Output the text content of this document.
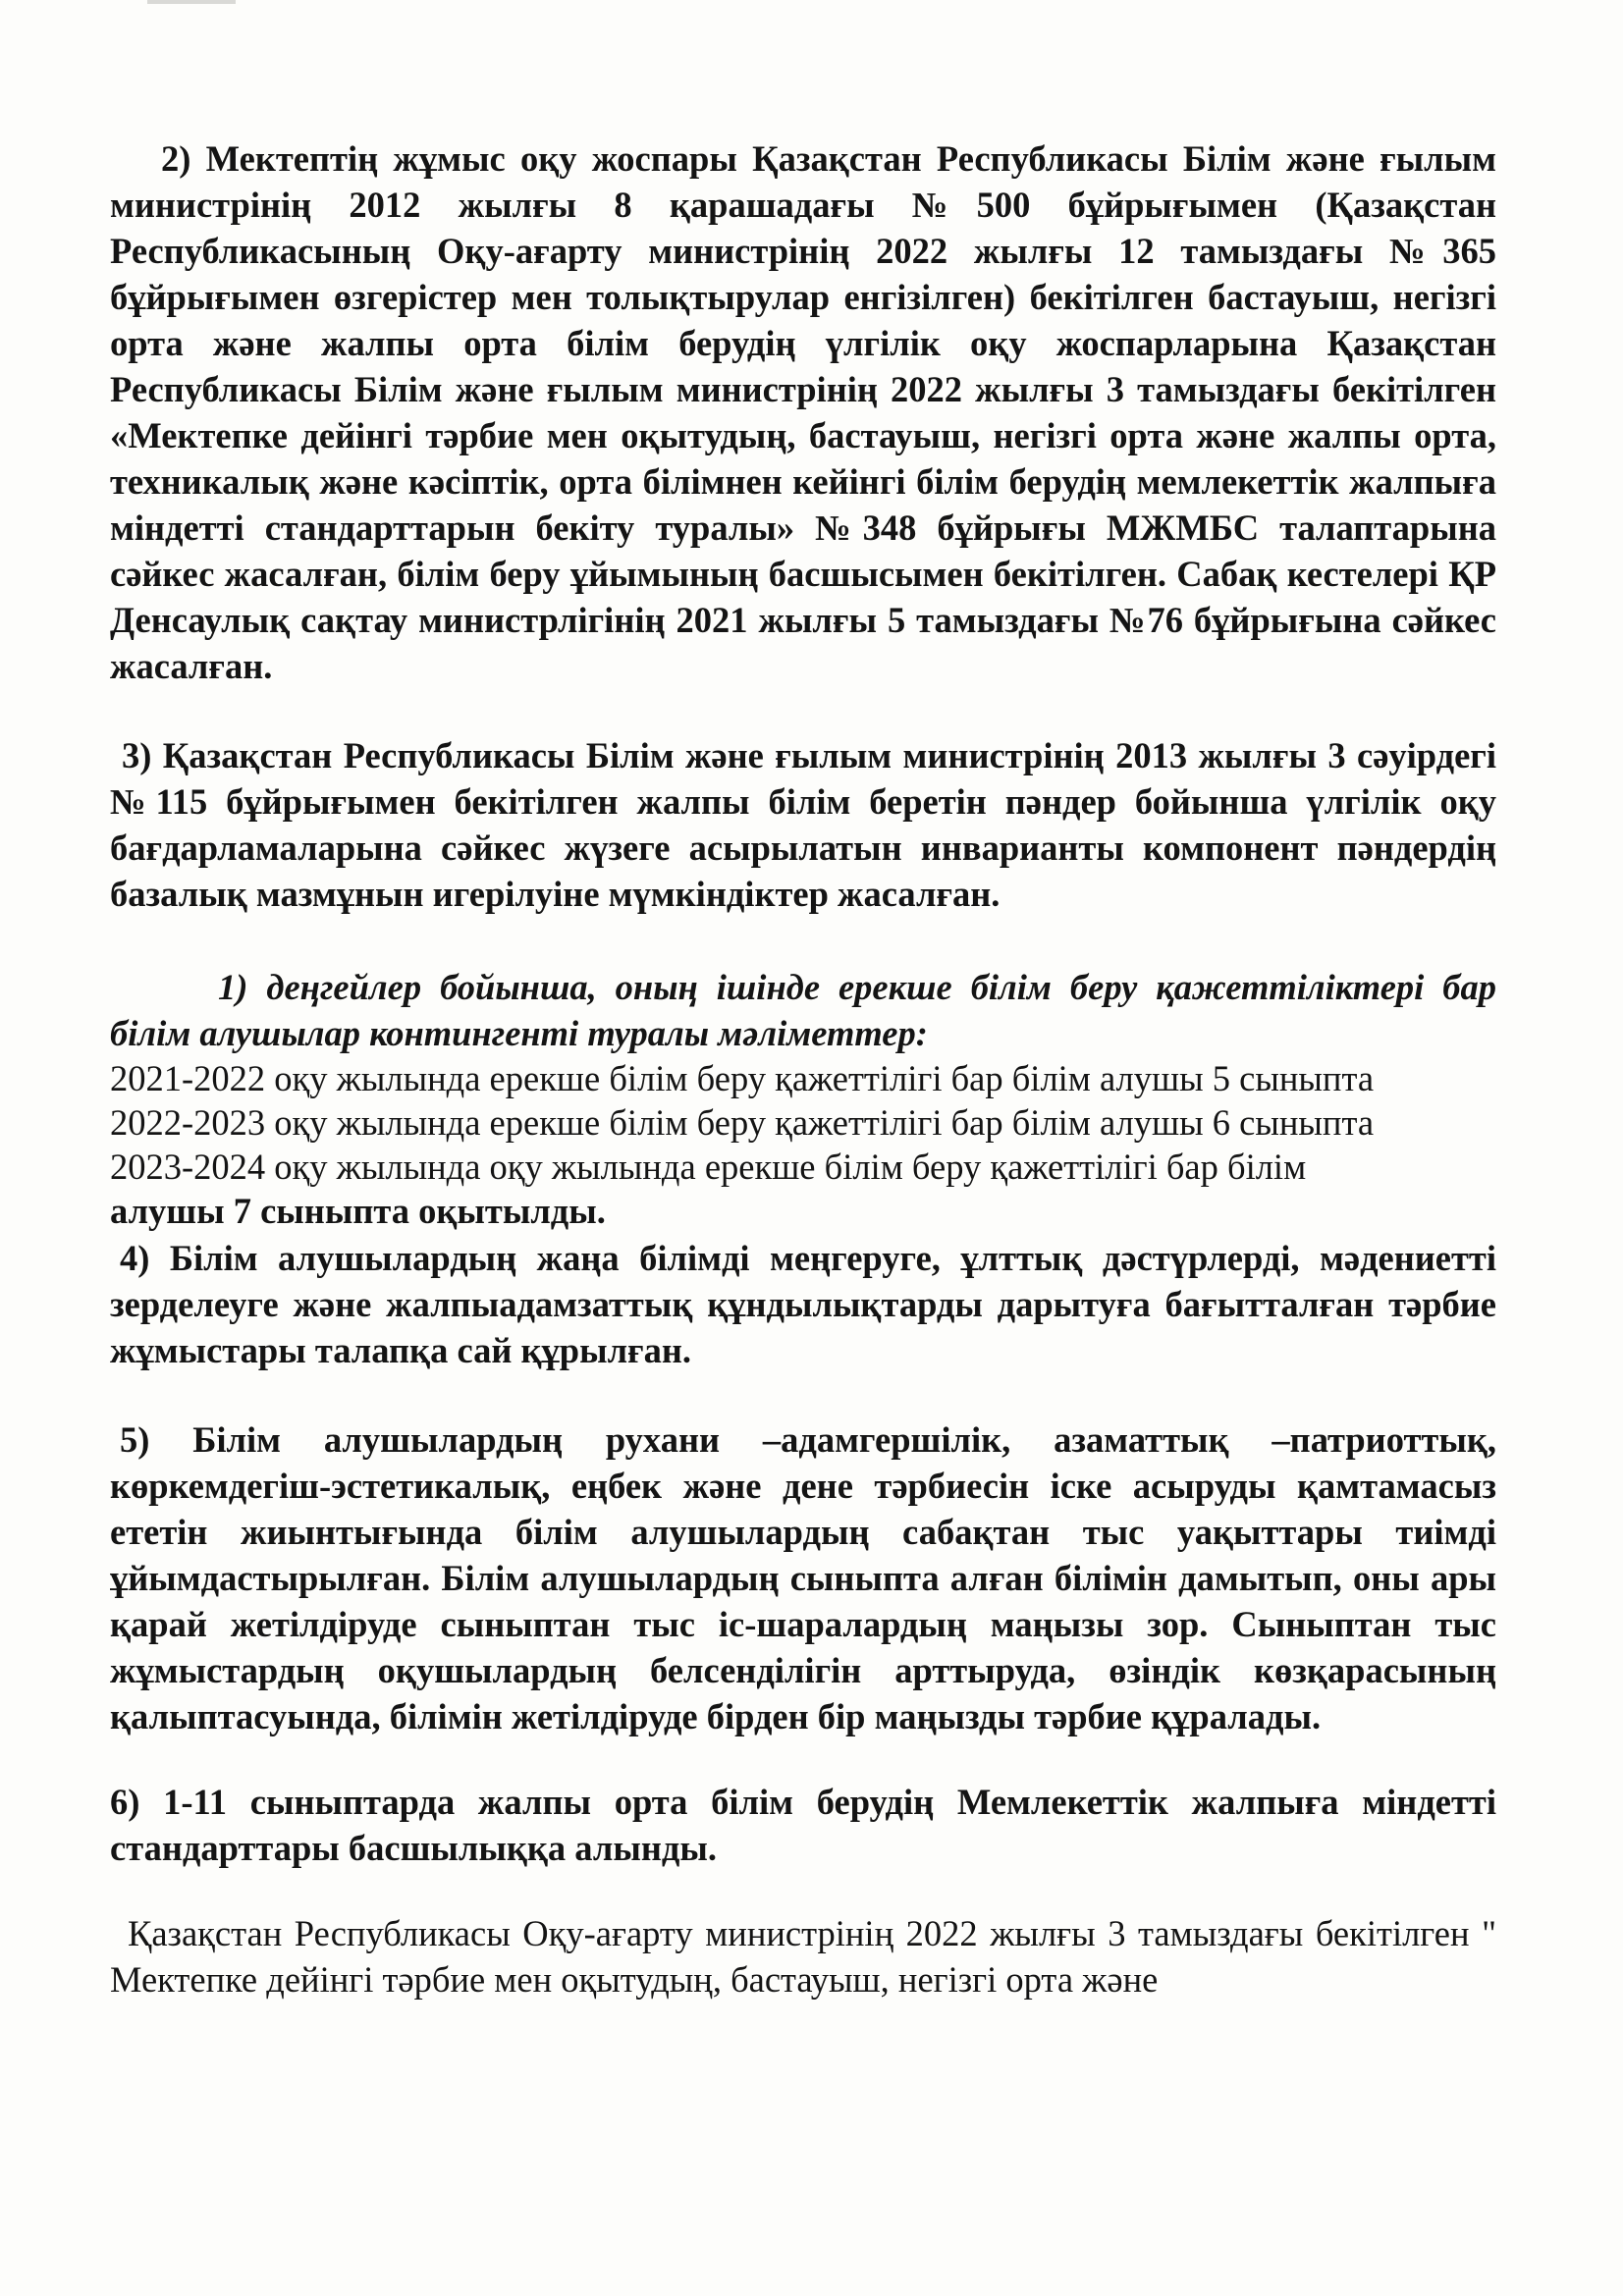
2) Мектептің жұмыс оқу жоспары Қазақстан Республикасы Білім және ғылым министрінің 2012 жылғы 8 қарашадағы №500 бұйрығымен (Қазақстан Республикасының Оқу-ағарту министрінің 2022 жылғы 12 тамыздағы №365 бұйрығымен өзгерістер мен толықтырулар енгізілген) бекітілген бастауыш, негізгі орта және жалпы орта білім берудің үлгілік оқу жоспарларына Қазақстан Республикасы Білім және ғылым министрінің 2022 жылғы 3 тамыздағы бекітілген «Мектепке дейінгі тәрбие мен оқытудың, бастауыш, негізгі орта және жалпы орта, техникалық және кәсіптік, орта білімнен кейінгі білім берудің мемлекеттік жалпыға міндетті стандарттарын бекіту туралы» №348 бұйрығы МЖМБС талаптарына сәйкес жасалған, білім беру ұйымының басшысымен бекітілген. Сабақ кестелері ҚР Денсаулық сақтау министрлігінің 2021 жылғы 5 тамыздағы №76 бұйрығына сәйкес жасалған.

3) Қазақстан Республикасы Білім және ғылым министрінің 2013 жылғы 3 сәуірдегі №115 бұйрығымен бекітілген жалпы білім беретін пәндер бойынша үлгілік оқу бағдарламаларына сәйкес жүзеге асырылатын инварианты компонент пәндердің базалық мазмұнын игерілуіне мүмкіндіктер жасалған.

1) деңгейлер бойынша, оның ішінде ерекше білім беру қажеттіліктері бар білім алушылар контингенті туралы мәліметтер:

2021-2022 оқу жылында ерекше білім беру қажеттілігі бар білім алушы 5 сыныпта
2022-2023 оқу жылында ерекше білім беру қажеттілігі бар білім алушы 6 сыныпта
2023-2024 оқу жылында оқу жылында ерекше білім беру қажеттілігі бар білім
алушы 7 сыныпта оқытылды.

4) Білім алушылардың жаңа білімді меңгеруге, ұлттық дәстүрлерді, мәдениетті зерделеуге және жалпыадамзаттық құндылықтарды дарытуға бағытталған тәрбие жұмыстары талапқа сай құрылған.

5) Білім алушылардың рухани –адамгершілік, азаматтық –патриоттық, көркемдегіш-эстетикалық, еңбек және дене тәрбиесін іске асыруды қамтамасыз ететін жиынтығында білім алушылардың сабақтан тыс уақыттары тиімді ұйымдастырылған. Білім алушылардың сыныпта алған білімін дамытып, оны ары қарай жетілдіруде сыныптан тыс іс-шаралардың маңызы зор. Сыныптан тыс жұмыстардың оқушылардың белсенділігін арттыруда, өзіндік көзқарасының қалыптасуында, білімін жетілдіруде бірден бір маңызды тәрбие құралады.

6) 1-11 сыныптарда жалпы орта білім берудің Мемлекеттік жалпыға міндетті стандарттары басшылыққа алынды.

Қазақстан Республикасы Оқу-ағарту министрінің 2022 жылғы 3 тамыздағы бекітілген " Мектепке дейінгі тәрбие мен оқытудың, бастауыш, негізгі орта және
